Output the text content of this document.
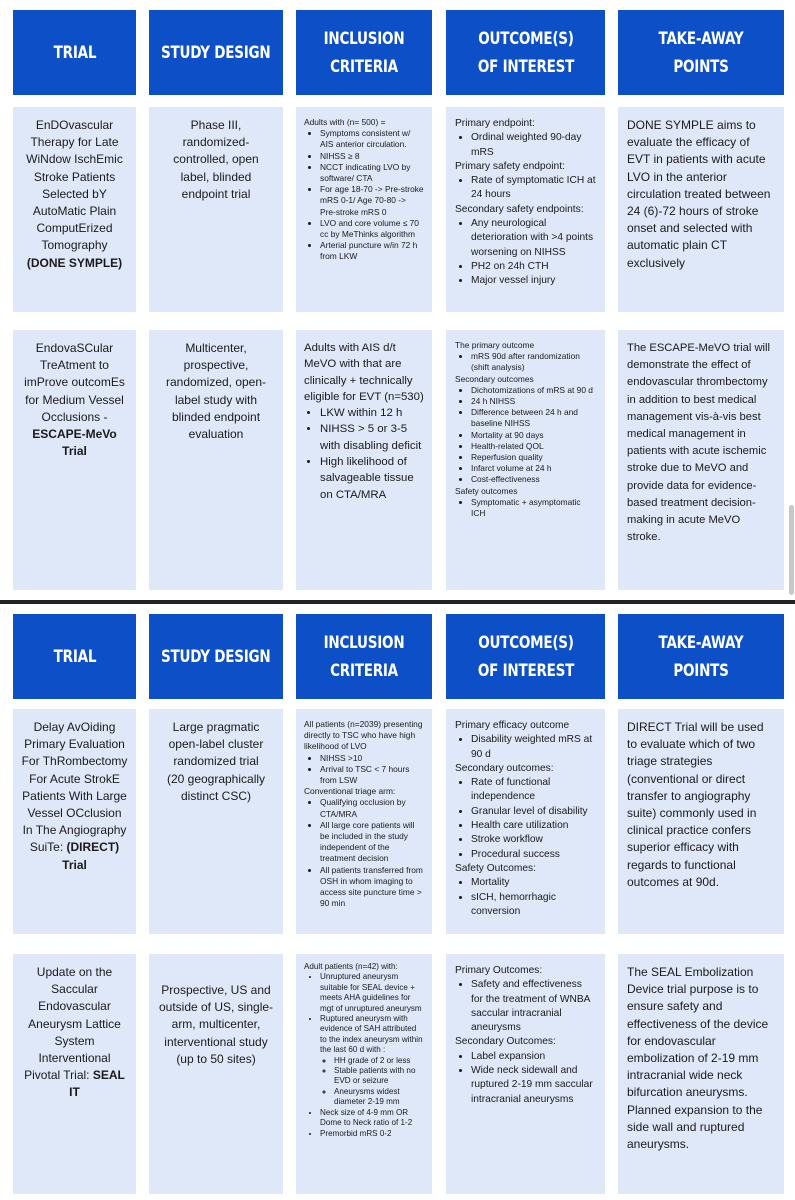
TRIAL	STUDY DESIGN
INCLUSION CRITERIA
OUTCOME(S) OF INTEREST
TAKE-AWAY POINTS
EnDOvascular Therapy for Late WiNdow IschEmic Stroke Patients Selected bY AutoMatic Plain ComputErized Tomography (DONE SYMPLE)
Phase III, randomized-controlled, open label, blinded endpoint trial
Adults with (n= 500) =
• Symptoms consistent w/ AIS anterior circulation.
• NIHSS ≥ 8
• NCCT indicating LVO by software/ CTA
• For age 18-70 -> Pre-stroke mRS 0-1/ Age 70-80 -> Pre-stroke mRS 0
• LVO and core volume ≤ 70 cc by MeThinks algorithm
• Arterial puncture w/in 72 h from LKW
Primary endpoint:
• Ordinal weighted 90-day mRS
Primary safety endpoint:
• Rate of symptomatic ICH at 24 hours
Secondary safety endpoints:
• Any neurological deterioration with >4 points worsening on NIHSS
• PH2 on 24h CTH
• Major vessel injury
DONE SYMPLE aims to evaluate the efficacy of EVT in patients with acute LVO in the anterior circulation treated between 24 (6)-72 hours of stroke onset and selected with automatic plain CT exclusively
EndovaSCular TreAtment to imProve outcomEs for Medium Vessel Occlusions - ESCAPE-MeVo Trial
Multicenter, prospective, randomized, open-label study with blinded endpoint evaluation
Adults with AIS d/t MeVO with that are clinically + technically eligible for EVT (n=530)
• LKW within 12 h
• NIHSS > 5 or 3-5 with disabling deficit
• High likelihood of salvageable tissue on CTA/MRA
The primary outcome
• mRS 90d after randomization (shift analysis)
Secondary outcomes
• Dichotomizations of mRS at 90 d
• 24 h NIHSS
• Difference between 24 h and baseline NIHSS
• Mortality at 90 days
• Health-related QOL
• Reperfusion quality
• Infarct volume at 24 h
• Cost-effectiveness
Safety outcomes
• Symptomatic + asymptomatic ICH
The ESCAPE-MeVO trial will demonstrate the effect of endovascular thrombectomy in addition to best medical management vis-à-vis best medical management in patients with acute ischemic stroke due to MeVO and provide data for evidence-based treatment decision-making in acute MeVO stroke.
TRIAL	STUDY DESIGN
INCLUSION CRITERIA
OUTCOME(S) OF INTEREST
TAKE-AWAY POINTS
Delay AvOiding Primary Evaluation For ThRombectomy For Acute StrokE Patients With Large Vessel OCclusion In The Angiography SuiTe: (DIRECT) Trial
Large pragmatic open-label cluster randomized trial (20 geographically distinct CSC)
All patients (n=2039) presenting directly to TSC who have high likelihood of LVO
• NIHSS >10
• Arrival to TSC < 7 hours from LSW
Conventional triage arm:
• Qualifying occlusion by CTA/MRA
• All large core patients will be included in the study independent of the treatment decision
• All patients transferred from OSH in whom imaging to access site puncture time > 90 min
Primary efficacy outcome
• Disability weighted mRS at 90 d
Secondary outcomes:
• Rate of functional independence
• Granular level of disability
• Health care utilization
• Stroke workflow
• Procedural success
Safety Outcomes:
• Mortality
• sICH, hemorrhagic conversion
DIRECT Trial will be used to evaluate which of two triage strategies (conventional or direct transfer to angiography suite) commonly used in clinical practice confers superior efficacy with regards to functional outcomes at 90d.
Update on the Saccular Endovascular Aneurysm Lattice System Interventional Pivotal Trial: SEAL IT
Prospective, US and outside of US, single-arm, multicenter, interventional study (up to 50 sites)
Adult patients (n=42) with:
• Unruptured aneurysm suitable for SEAL device + meets AHA guidelines for mgt of unruptured aneurysm
• Ruptured aneurysm with evidence of SAH attributed to the index aneurysm within the last 60 d with :
◦ HH grade of 2 or less
◦ Stable patients with no EVD or seizure
◦ Aneurysms widest diameter 2-19 mm
• Neck size of 4-9 mm OR Dome to Neck ratio of 1-2
• Premorbid mRS 0-2
Primary Outcomes:
• Safety and effectiveness for the treatment of WNBA saccular intracranial aneurysms
Secondary Outcomes:
• Label expansion
• Wide neck sidewall and ruptured 2-19 mm saccular intracranial aneurysms
The SEAL Embolization Device trial purpose is to ensure safety and effectiveness of the device for endovascular embolization of 2-19 mm intracranial wide neck bifurcation aneurysms. Planned expansion to the side wall and ruptured aneurysms.
